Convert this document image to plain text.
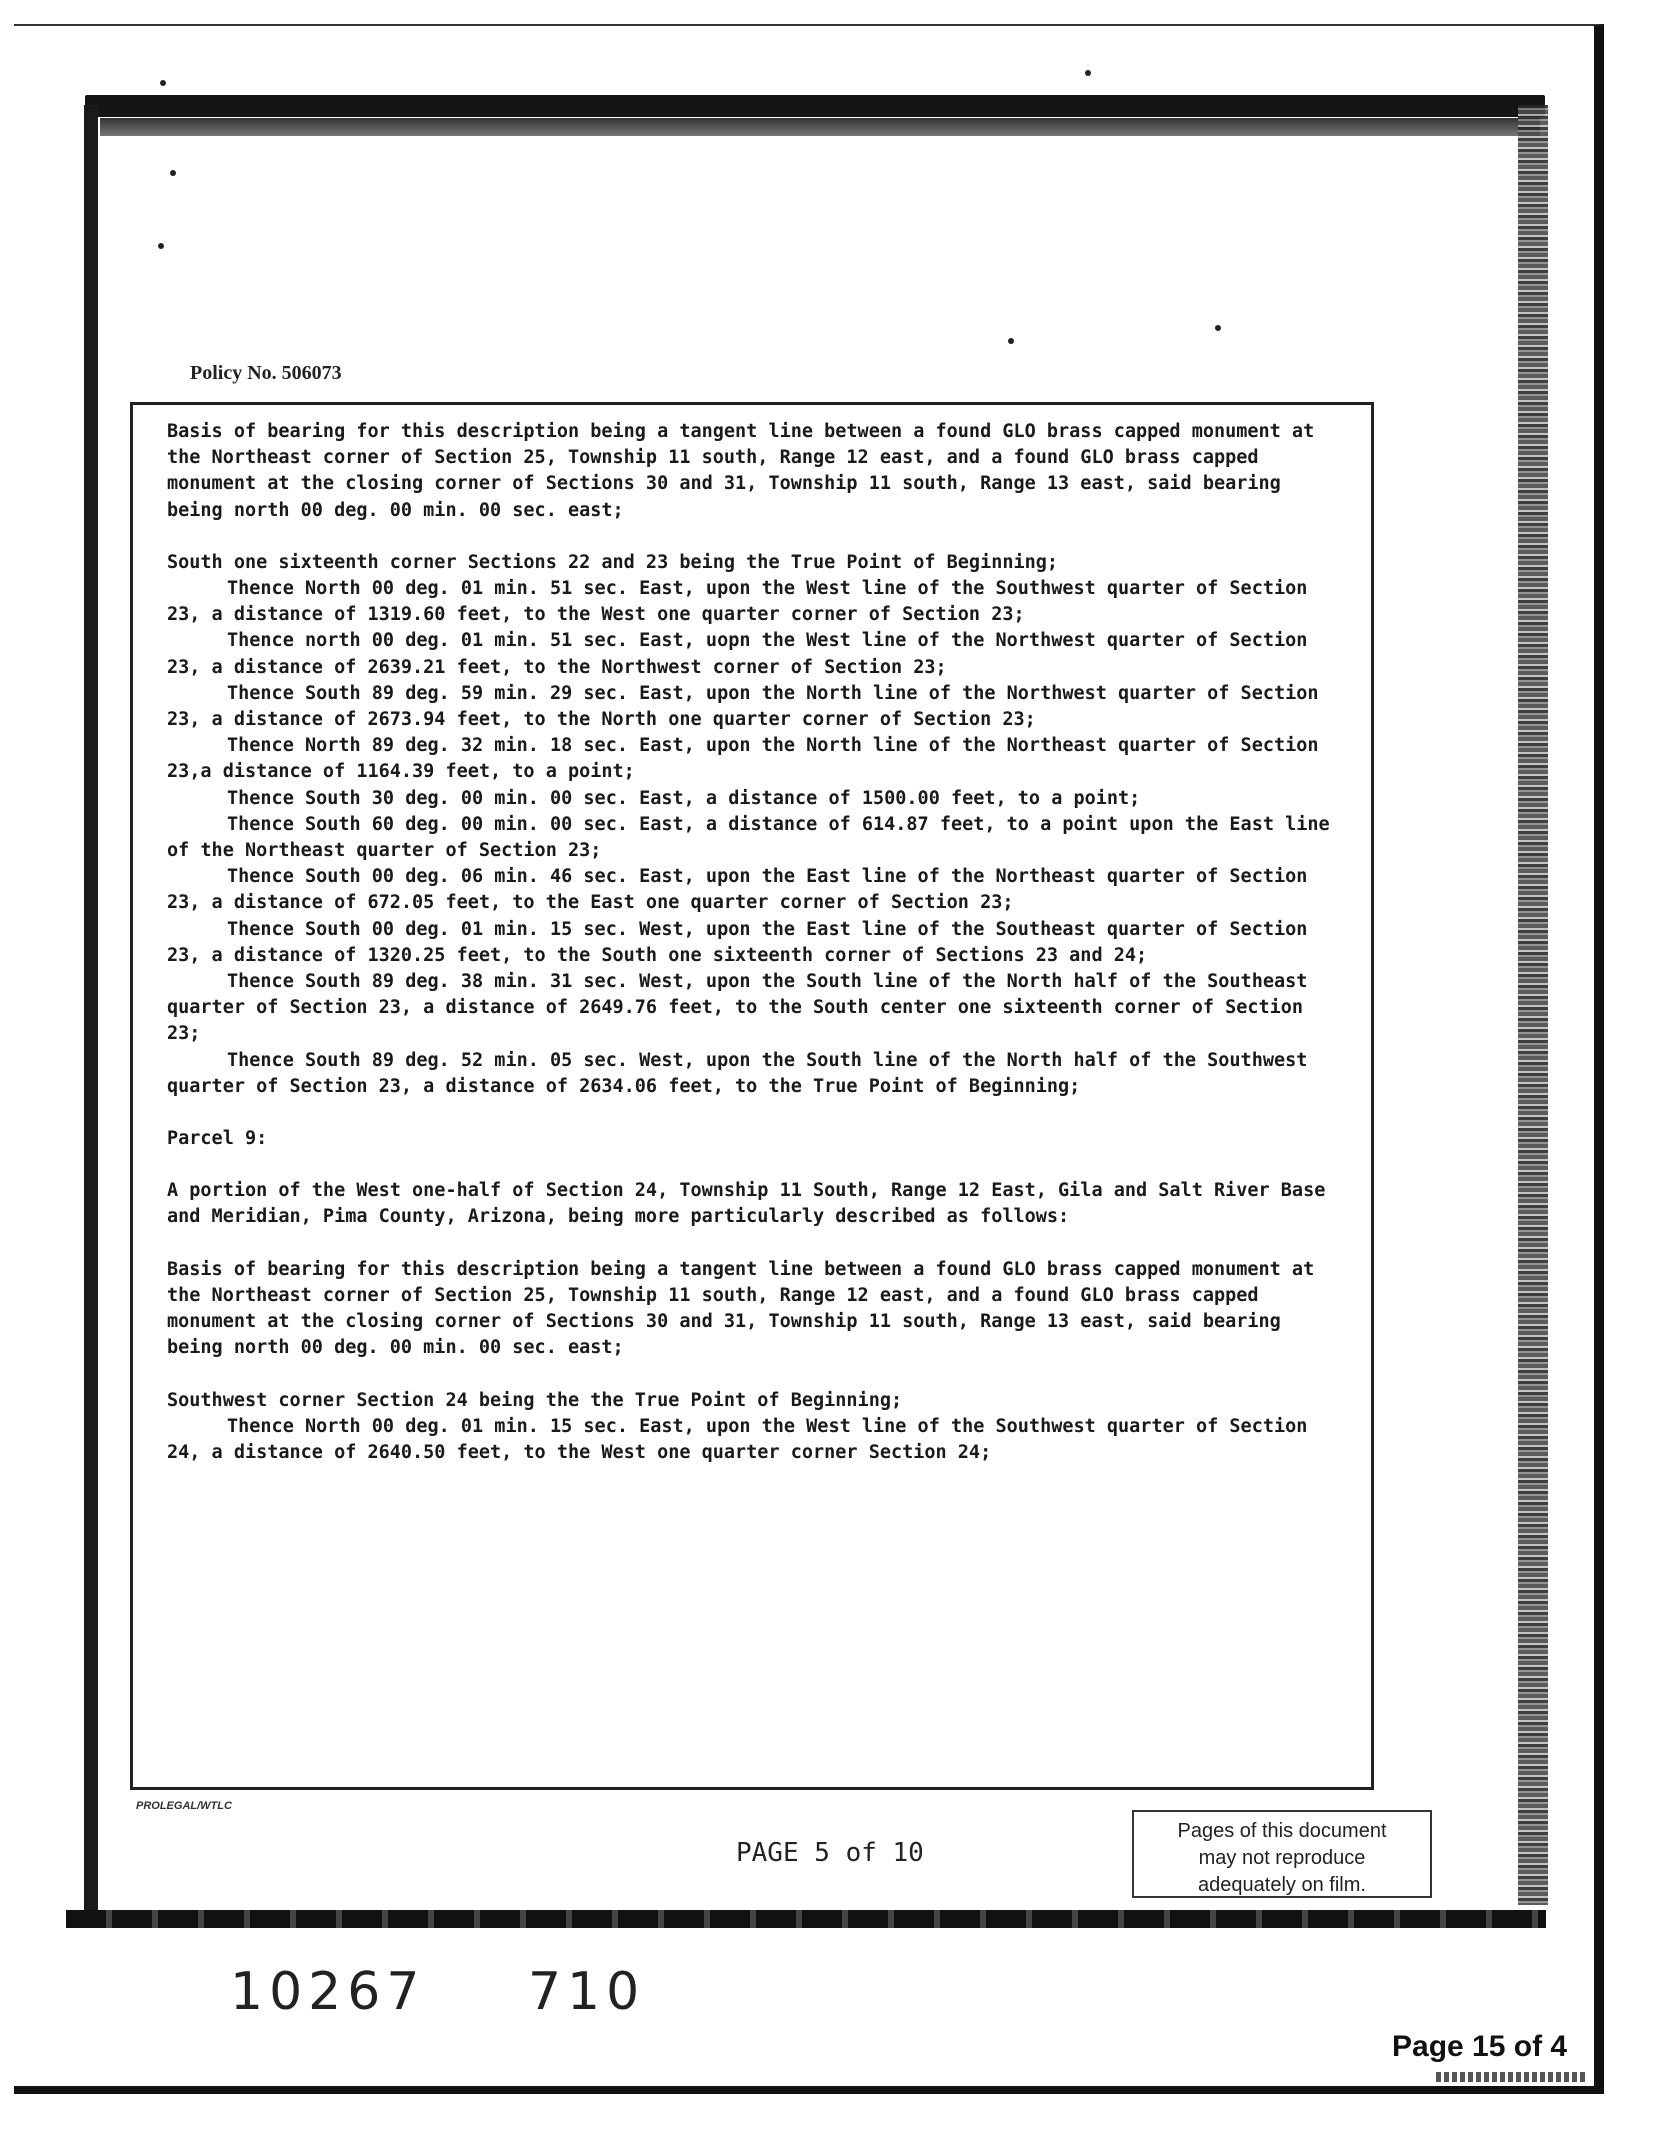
Policy No. 506073

Basis of bearing for this description being a tangent line between a found GLO brass capped monument at the Northeast corner of Section 25, Township 11 south, Range 12 east, and a found GLO brass capped monument at the closing corner of Sections 30 and 31, Township 11 south, Range 13 east, said bearing being north 00 deg. 00 min. 00 sec. east;

South one sixteenth corner Sections 22 and 23 being the True Point of Beginning;

Thence North 00 deg. 01 min. 51 sec. East, upon the West line of the Southwest quarter of Section 23, a distance of 1319.60 feet, to the West one quarter corner of Section 23;

Thence north 00 deg. 01 min. 51 sec. East, uopn the West line of the Northwest quarter of Section 23, a distance of 2639.21 feet, to the Northwest corner of Section 23;

Thence South 89 deg. 59 min. 29 sec. East, upon the North line of the Northwest quarter of Section 23, a distance of 2673.94 feet, to the North one quarter corner of Section 23;

Thence North 89 deg. 32 min. 18 sec. East, upon the North line of the Northeast quarter of Section 23,a distance of 1164.39 feet, to a point;

Thence South 30 deg. 00 min. 00 sec. East, a distance of 1500.00 feet, to a point;

Thence South 60 deg. 00 min. 00 sec. East, a distance of 614.87 feet, to a point upon the East line of the Northeast quarter of Section 23;

Thence South 00 deg. 06 min. 46 sec. East, upon the East line of the Northeast quarter of Section 23, a distance of 672.05 feet, to the East one quarter corner of Section 23;

Thence South 00 deg. 01 min. 15 sec. West, upon the East line of the Southeast quarter of Section 23, a distance of 1320.25 feet, to the South one sixteenth corner of Sections 23 and 24;

Thence South 89 deg. 38 min. 31 sec. West, upon the South line of the North half of the Southeast quarter of Section 23, a distance of 2649.76 feet, to the South center one sixteenth corner of Section 23;

Thence South 89 deg. 52 min. 05 sec. West, upon the South line of the North half of the Southwest quarter of Section 23, a distance of 2634.06 feet, to the True Point of Beginning;

Parcel 9:

A portion of the West one-half of Section 24, Township 11 South, Range 12 East, Gila and Salt River Base and Meridian, Pima County, Arizona, being more particularly described as follows:

Basis of bearing for this description being a tangent line between a found GLO brass capped monument at the Northeast corner of Section 25, Township 11 south, Range 12 east, and a found GLO brass capped monument at the closing corner of Sections 30 and 31, Township 11 south, Range 13 east, said bearing being north 00 deg. 00 min. 00 sec. east;

Southwest corner Section 24 being the the True Point of Beginning;

Thence North 00 deg. 01 min. 15 sec. East, upon the West line of the Southwest quarter of Section 24, a distance of 2640.50 feet, to the West one quarter corner Section 24;

PROLEGAL/WTLC
PAGE 5 of 10
Pages of this document
may not reproduce
adequately on film.
10267 710
Page 15 of 4
